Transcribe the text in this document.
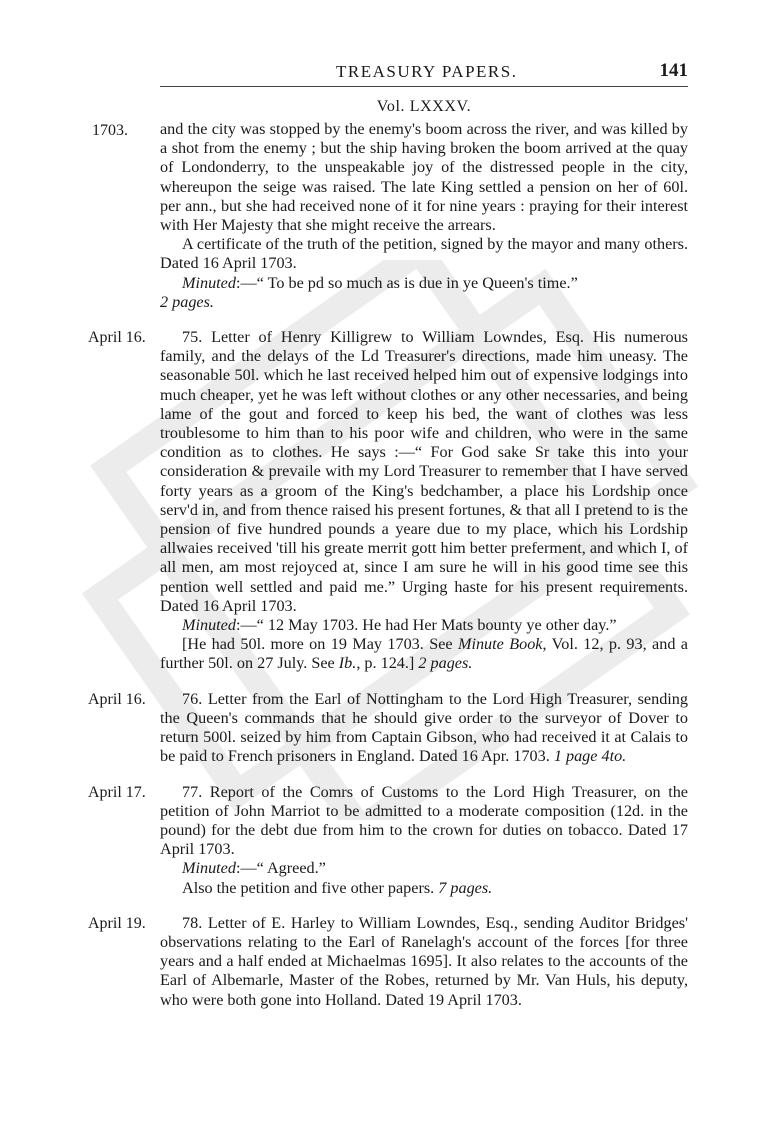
TREASURY PAPERS.	141
Vol. LXXXV.
1703. and the city was stopped by the enemy's boom across the river, and was killed by a shot from the enemy ; but the ship having broken the boom arrived at the quay of Londonderry, to the unspeakable joy of the distressed people in the city, whereupon the seige was raised. The late King settled a pension on her of 60l. per ann., but she had received none of it for nine years : praying for their interest with Her Majesty that she might receive the arrears.

A certificate of the truth of the petition, signed by the mayor and many others. Dated 16 April 1703.

Minuted:—“ To be pd so much as is due in ye Queen's time.”

2 pages.

75. Letter of Henry Killigrew to William Lowndes, Esq. His numerous family, and the delays of the Ld Treasurer's directions, made him uneasy. The seasonable 50l. which he last received helped him out of expensive lodgings into much cheaper, yet he was left without clothes or any other necessaries, and being lame of the gout and forced to keep his bed, the want of clothes was less troublesome to him than to his poor wife and children, who were in the same condition as to clothes. He says :—“ For God sake Sr take this into your consideration & prevaile with my Lord Treasurer to remember that I have served forty years as a groom of the King's bedchamber, a place his Lordship once serv'd in, and from thence raised his present fortunes, & that all I pretend to is the pension of five hundred pounds a yeare due to my place, which his Lordship allwaies received 'till his greate merrit gott him better preferment, and which I, of all men, am most rejoyced at, since I am sure he will in his good time see this pention well settled and paid me.” Urging haste for his present requirements. Dated 16 April 1703.

Minuted:—“ 12 May 1703. He had Her Mats bounty ye other day.”

[He had 50l. more on 19 May 1703. See Minute Book, Vol. 12, p. 93, and a further 50l. on 27 July. See Ib., p. 124.] 2 pages.

76. Letter from the Earl of Nottingham to the Lord High Treasurer, sending the Queen's commands that he should give order to the surveyor of Dover to return 500l. seized by him from Captain Gibson, who had received it at Calais to be paid to French prisoners in England. Dated 16 Apr. 1703. 1 page 4to.

77. Report of the Comrs of Customs to the Lord High Treasurer, on the petition of John Marriot to be admitted to a moderate composition (12d. in the pound) for the debt due from him to the crown for duties on tobacco. Dated 17 April 1703.

Minuted:—“ Agreed.”

Also the petition and five other papers. 7 pages.

78. Letter of E. Harley to William Lowndes, Esq., sending Auditor Bridges' observations relating to the Earl of Ranelagh's account of the forces [for three years and a half ended at Michaelmas 1695]. It also relates to the accounts of the Earl of Albemarle, Master of the Robes, returned by Mr. Van Huls, his deputy, who were both gone into Holland. Dated 19 April 1703.

April 16.
April 16.
April 17.
April 19.
